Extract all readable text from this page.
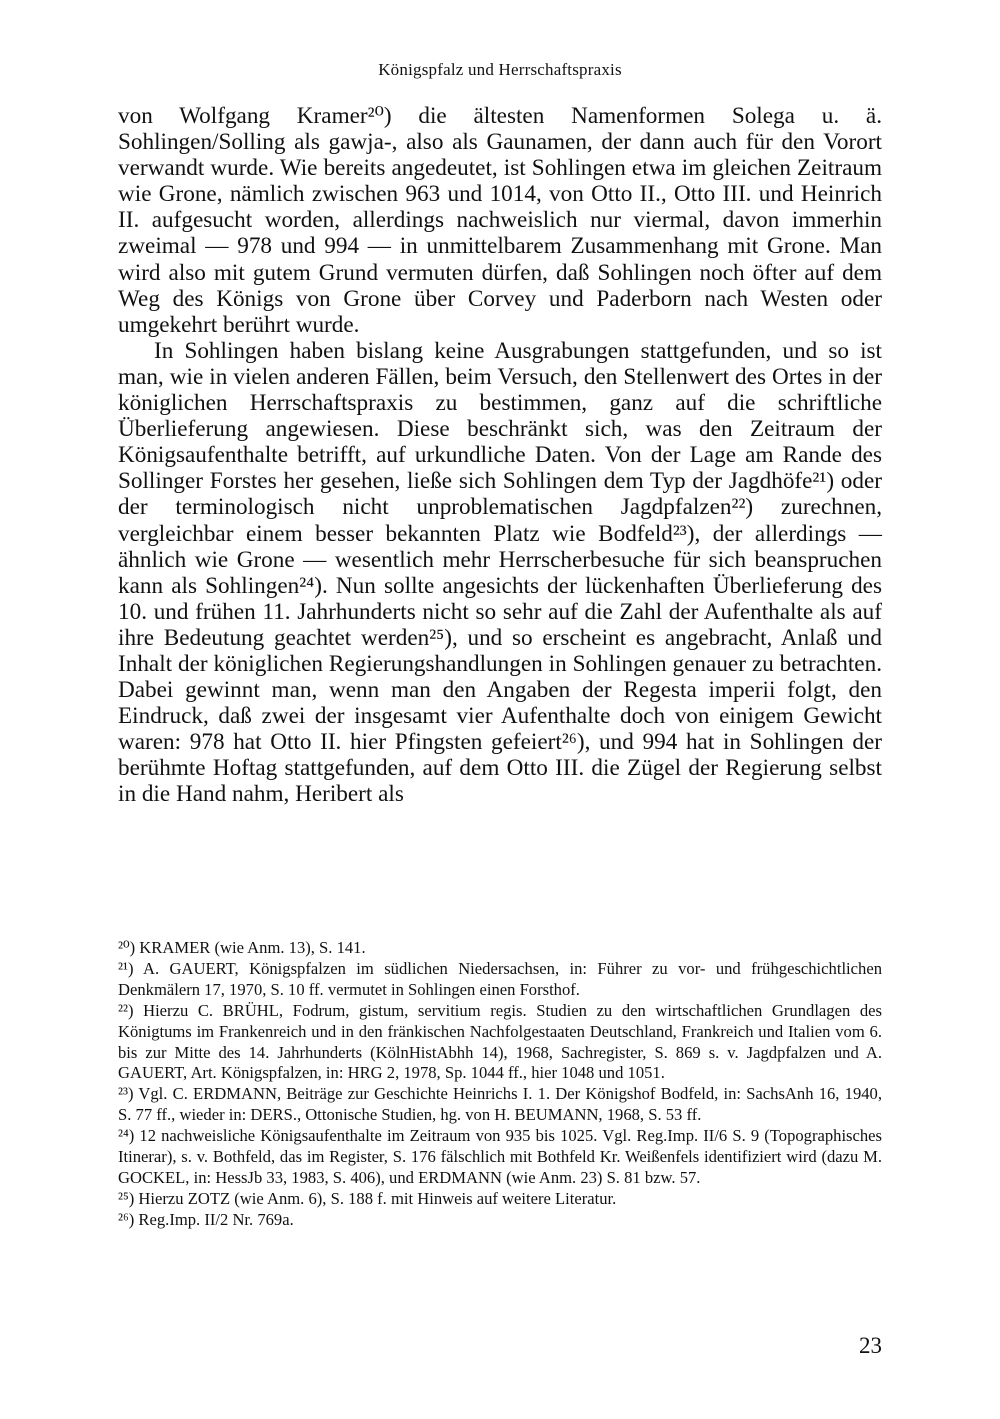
Königspfalz und Herrschaftspraxis

von Wolfgang Kramer²⁰) die ältesten Namenformen Solega u. ä. Sohlingen/Solling als gawja-, also als Gaunamen, der dann auch für den Vorort verwandt wurde. Wie bereits angedeutet, ist Sohlingen etwa im gleichen Zeitraum wie Grone, nämlich zwischen 963 und 1014, von Otto II., Otto III. und Heinrich II. aufgesucht worden, allerdings nachweislich nur viermal, davon immerhin zweimal — 978 und 994 — in unmittelbarem Zusammenhang mit Grone. Man wird also mit gutem Grund vermuten dürfen, daß Sohlingen noch öfter auf dem Weg des Königs von Grone über Corvey und Paderborn nach Westen oder umgekehrt berührt wurde.

In Sohlingen haben bislang keine Ausgrabungen stattgefunden, und so ist man, wie in vielen anderen Fällen, beim Versuch, den Stellenwert des Ortes in der königlichen Herrschaftspraxis zu bestimmen, ganz auf die schriftliche Überlieferung angewiesen. Diese beschränkt sich, was den Zeitraum der Königsaufenthalte betrifft, auf urkundliche Daten. Von der Lage am Rande des Sollinger Forstes her gesehen, ließe sich Sohlingen dem Typ der Jagdhöfe²¹) oder der terminologisch nicht unproblematischen Jagdpfalzen²²) zurechnen, vergleichbar einem besser bekannten Platz wie Bodfeld²³), der allerdings — ähnlich wie Grone — wesentlich mehr Herrscherbesuche für sich beanspruchen kann als Sohlingen²⁴). Nun sollte angesichts der lückenhaften Überlieferung des 10. und frühen 11. Jahrhunderts nicht so sehr auf die Zahl der Aufenthalte als auf ihre Bedeutung geachtet werden²⁵), und so erscheint es angebracht, Anlaß und Inhalt der königlichen Regierungshandlungen in Sohlingen genauer zu betrachten. Dabei gewinnt man, wenn man den Angaben der Regesta imperii folgt, den Eindruck, daß zwei der insgesamt vier Aufenthalte doch von einigem Gewicht waren: 978 hat Otto II. hier Pfingsten gefeiert²⁶), und 994 hat in Sohlingen der berühmte Hoftag stattgefunden, auf dem Otto III. die Zügel der Regierung selbst in die Hand nahm, Heribert als

²⁰) KRAMER (wie Anm. 13), S. 141.

²¹) A. GAUERT, Königspfalzen im südlichen Niedersachsen, in: Führer zu vor- und frühgeschichtlichen Denkmälern 17, 1970, S. 10 ff. vermutet in Sohlingen einen Forsthof.

²²) Hierzu C. BRÜHL, Fodrum, gistum, servitium regis. Studien zu den wirtschaftlichen Grundlagen des Königtums im Frankenreich und in den fränkischen Nachfolgestaaten Deutschland, Frankreich und Italien vom 6. bis zur Mitte des 14. Jahrhunderts (KölnHistAbhh 14), 1968, Sachregister, S. 869 s. v. Jagdpfalzen und A. GAUERT, Art. Königspfalzen, in: HRG 2, 1978, Sp. 1044 ff., hier 1048 und 1051.

²³) Vgl. C. ERDMANN, Beiträge zur Geschichte Heinrichs I. 1. Der Königshof Bodfeld, in: SachsAnh 16, 1940, S. 77 ff., wieder in: DERS., Ottonische Studien, hg. von H. BEUMANN, 1968, S. 53 ff.

²⁴) 12 nachweisliche Königsaufenthalte im Zeitraum von 935 bis 1025. Vgl. Reg.Imp. II/6 S. 9 (Topographisches Itinerar), s. v. Bothfeld, das im Register, S. 176 fälschlich mit Bothfeld Kr. Weißenfels identifiziert wird (dazu M. GOCKEL, in: HessJb 33, 1983, S. 406), und ERDMANN (wie Anm. 23) S. 81 bzw. 57.

²⁵) Hierzu ZOTZ (wie Anm. 6), S. 188 f. mit Hinweis auf weitere Literatur.

²⁶) Reg.Imp. II/2 Nr. 769a.

23
